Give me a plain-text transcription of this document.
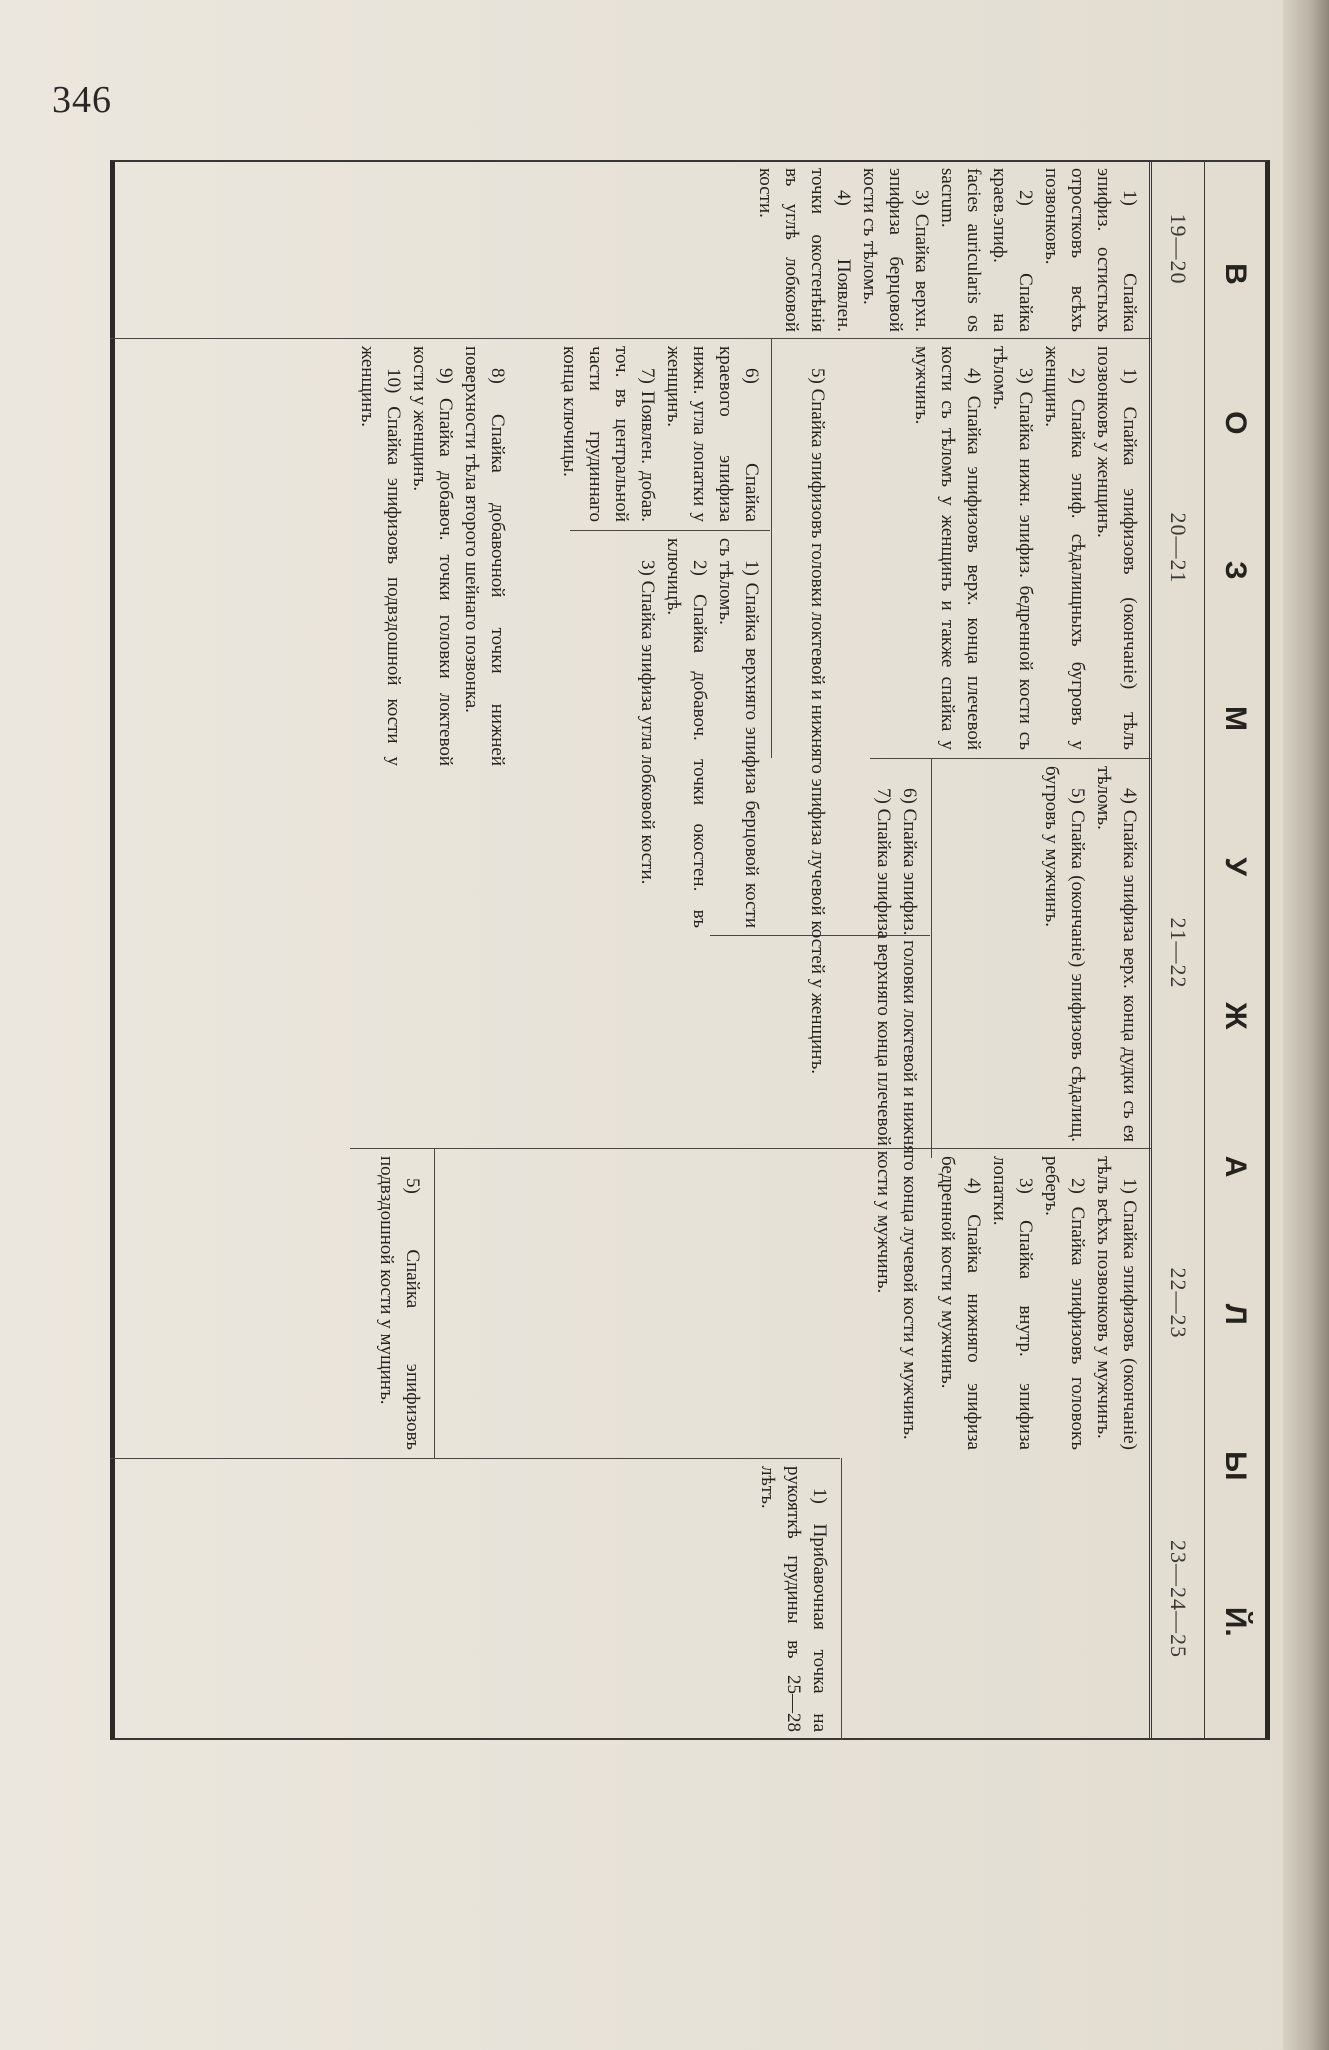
346
В
О
З
М
У
Ж
А
Л
Ы
Й.
19—20
20—21
21—22
22—23
23—24—25

1) Спайка эпифиз. остистыхъ отростковъ всѣхъ позвонковъ.

2) Спайка краев.эпиф. на facies auricularis os sacrum.

3) Спайка верхн. эпифиза берцовой кости съ тѣломъ.

4) Появлен. точки окостенѣнія въ углѣ лобковой кости.

1) Спайка эпифизовъ (окончаніе) тѣлъ позвонковъ у женщинъ.

2) Спайка эпиф. сѣдалищныхъ бугровъ у женщинъ.

3) Спайка нижн. эпифиз. бедренной кости съ тѣломъ.

4) Спайка эпифизовъ верх. конца плечевой кости съ тѣломъ у женщинъ и также спайка у мужчинъ.

5) Спайка эпифизовъ головки локтевой и нижняго эпифиза лучевой костей у женщинъ.

6) Спайка краевого эпифиза нижн. угла лопатки у женщинъ.

7) Появлен. добав. точ. въ центральной части грудиннаго конца ключицы.

8) Спайка добавочной точки нижней поверхности тѣла второго шейнаго позвонка.

9) Спайка добавоч. точки головки локтевой кости у женщинъ.

10) Спайка эпифизовъ подвздошной кости у женщинъ.

1) Спайка верхняго эпифиза берцовой кости съ тѣломъ.

2) Спайка добавоч. точки окостен. въ ключицѣ.

3) Спайка эпифиза угла лобковой кости.

4) Спайка эпифиза верх. конца дудки съ ея тѣломъ.

5) Спайка (окончаніе) эпифизовъ сѣдалищ. бугровъ у мужчинъ.

6) Спайка эпифиз. головки локтевой и нижняго конца лучевой кости у мужчинъ.

7) Спайка эпифиза верхняго конца плечевой кости у мужчинъ.

1) Спайка эпифизовъ (окончаніе) тѣлъ всѣхъ позвонковъ у мужчинъ.

2) Спайка эпифизовъ головокъ реберъ.

3) Спайка внутр. эпифиза лопатки.

4) Спайка нижняго эпифиза бедренной кости у мужчинъ.

5) Спайка эпифизовъ подвздошной кости у мущинъ.

1) Прибавочная точка на рукояткѣ грудины въ 25—28 лѣтъ.
